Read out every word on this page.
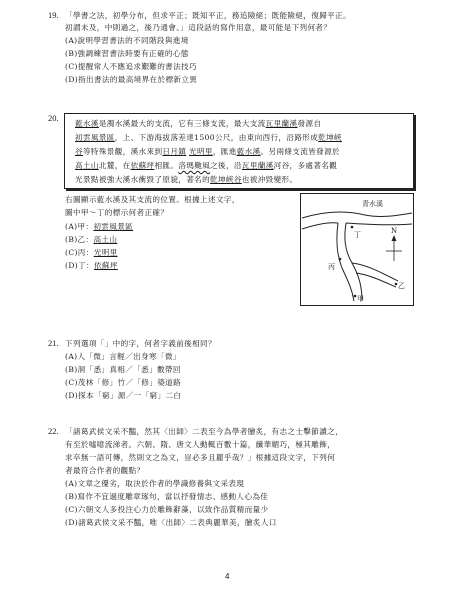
19. 「學書之法，初學分布，但求平正；既知平正，務追險絕；既能險絕，復歸平正。
初謂未及，中則過之，後乃通會。」這段話的寫作用意，最可能是下列何者？
(A)說明學習書法的不同階段與進境
(B)強調練習書法時要有正確的心態
(C)提醒常人不應追求艱難的書法技巧
(D)指出書法的最高境界在於標新立異
20.
藍水溪是濁水溪最大的支流，它有三條支流，最大支流瓦里蘭溪發源自
初雲風景區，上、下游海拔落差達1500公尺，由東向西行，沿路形成乾坤峽
谷等特殊景觀，溪水來到日月鎮 光明里，匯進藍水溪。另兩條支流皆發源於
高土山北麓，在依蘇坪相匯。洛瑪颱風之後，沿瓦里蘭溪河谷，多處著名觀
光景點被強大溪水衝毀了原貌，著名的乾坤峽谷也被沖毀變形。
右圖顯示藍水溪及其支流的位置。根據上述文字，
圖中甲～丁的標示何者正確？
(A)甲：初雲風景區
(B)乙：高土山
(C)丙：光明里
(D)丁：依蘇坪
青水溪
N
丁
丙
乙
甲
21. 下列選項「」中的字，何者字義前後相同？
(A)人「微」言輕／出身寒「微」
(B)洞「悉」真相／「悉」數帶回
(C)茂林「修」竹／「修」築道路
(D)探本「窮」源／一「窮」二白
22. 「諸葛武侯文采不豔，然其〈出師〉二表至今為學者膾炙，有志之士擊節讀之，
有至於噓噫流涕者。六朝、隋、唐文人動輒百數十篇，纖華媚巧，極其雕飾，
求卒無一語可傳，然則文之為文，豈必多且麗乎哉？」根據這段文字，下列何
者最符合作者的觀點？
(A)文章之優劣，取決於作者的學識修養與文采表現
(B)寫作不宜過度雕章琢句，當以抒發情志、感動人心為佳
(C)六朝文人多投注心力於雕飾辭藻，以致作品質精而量少
(D)諸葛武侯文采不豔，唯〈出師〉二表典麗華美，膾炙人口
4
